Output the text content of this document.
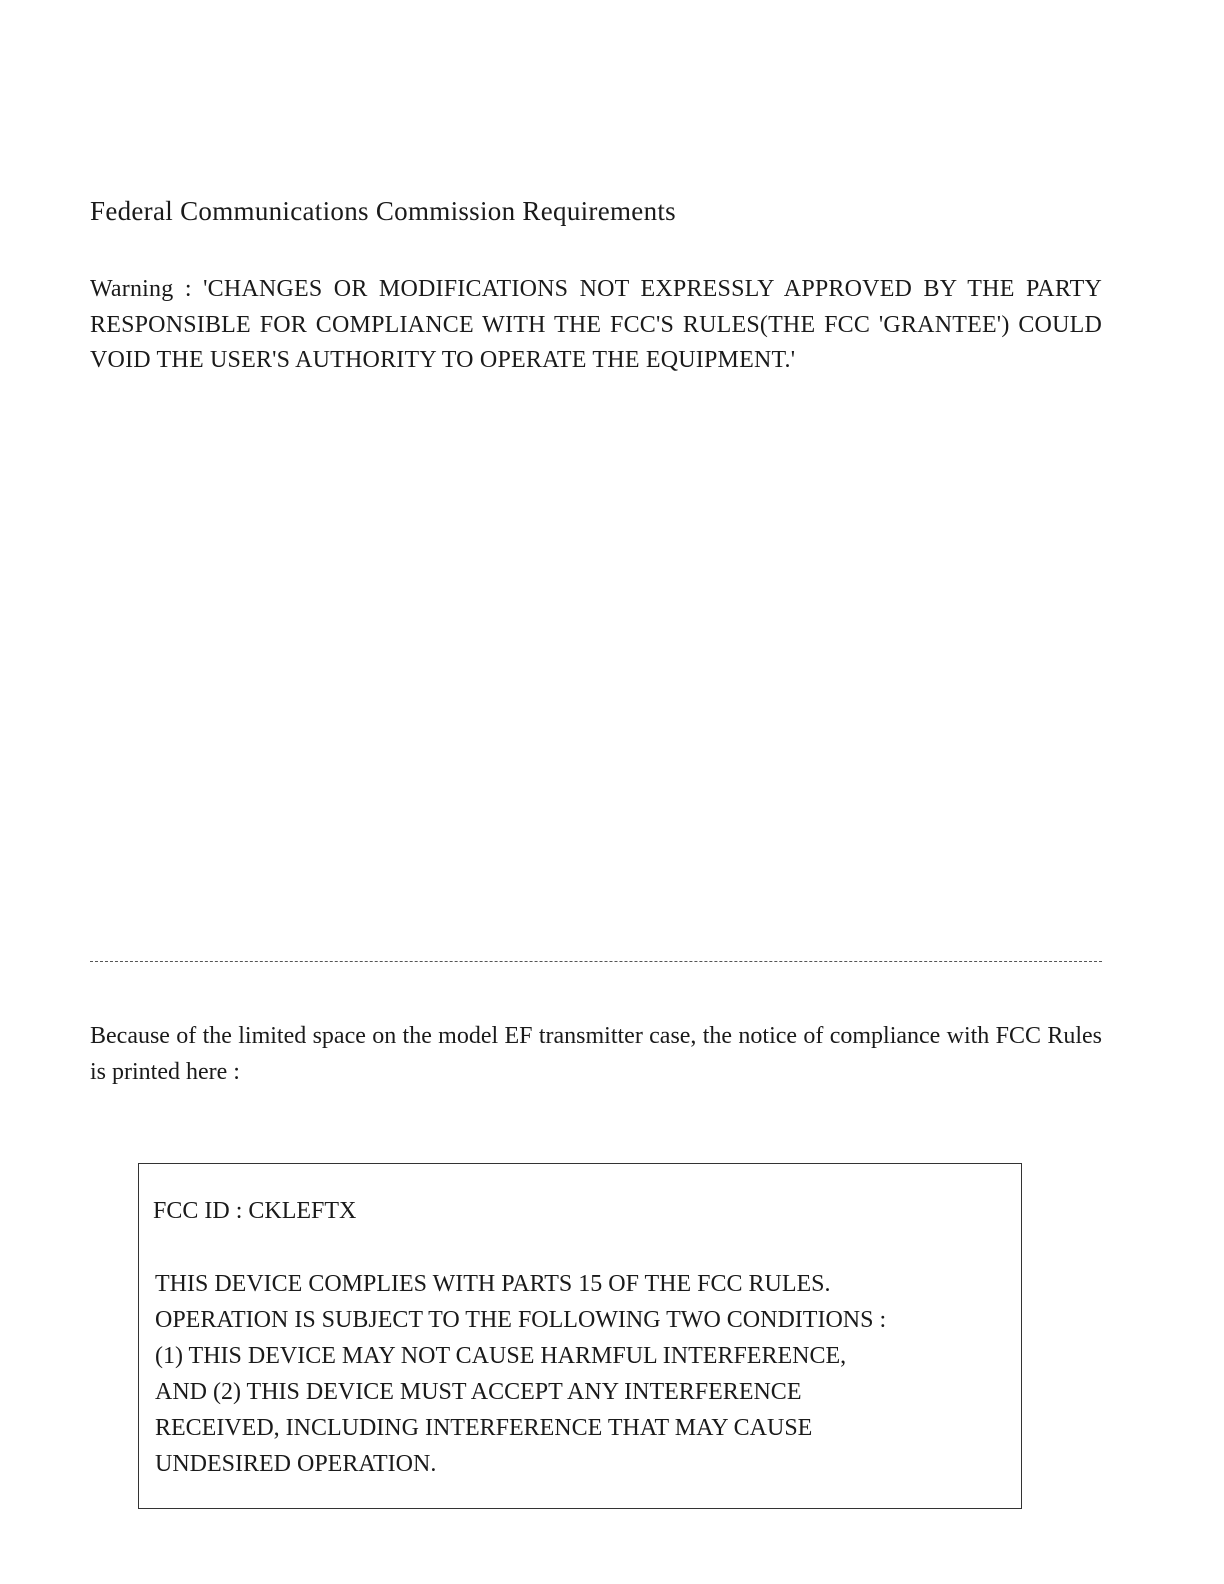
Federal Communications Commission Requirements
Warning : 'CHANGES OR MODIFICATIONS NOT EXPRESSLY APPROVED BY THE PARTY RESPONSIBLE FOR COMPLIANCE WITH THE FCC'S RULES(THE FCC 'GRANTEE') COULD VOID THE USER'S AUTHORITY TO OPERATE THE EQUIPMENT.'
Because of the limited space on the model EF transmitter case, the notice of compliance with FCC Rules is printed here :
FCC ID : CKLEFTX
THIS DEVICE COMPLIES WITH PARTS 15 OF THE FCC RULES.
OPERATION IS SUBJECT TO THE FOLLOWING TWO CONDITIONS :
(1) THIS DEVICE MAY NOT CAUSE HARMFUL INTERFERENCE,
AND (2) THIS DEVICE MUST ACCEPT ANY INTERFERENCE
RECEIVED, INCLUDING INTERFERENCE THAT MAY CAUSE
UNDESIRED OPERATION.
